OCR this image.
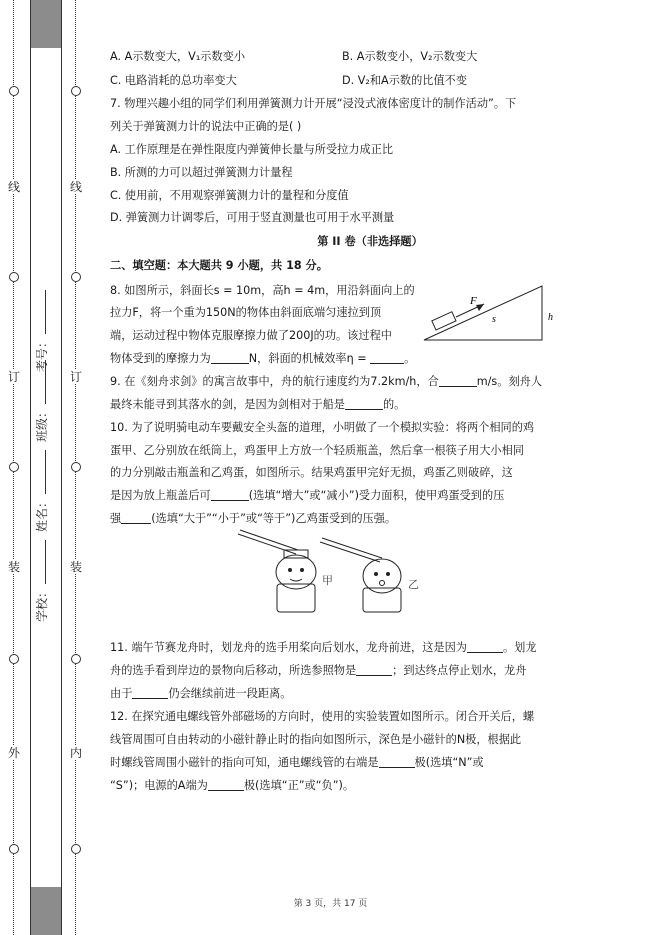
线
订
装
外
线
订
装
内
学校：
姓名：
班级：
考号：
A. A示数变大，V₁示数变小	B. A示数变小，V₂示数变大
C. 电路消耗的总功率变大	D. V₂和A示数的比值不变
7. 物理兴趣小组的同学们利用弹簧测力计开展“浸没式液体密度计的制作活动”。下
列关于弹簧测力计的说法中正确的是( )
A. 工作原理是在弹性限度内弹簧伸长量与所受拉力成正比
B. 所测的力可以超过弹簧测力计量程
C. 使用前，不用观察弹簧测力计的量程和分度值
D. 弹簧测力计调零后，可用于竖直测量也可用于水平测量
第 II 卷（非选择题）
二、填空题：本大题共 9 小题，共 18 分。
8. 如图所示，斜面长s = 10m，高h = 4m，用沿斜面向上的
拉力F，将一个重为150N的物体由斜面底端匀速拉到顶
端，运动过程中物体克服摩擦力做了200J的功。该过程中
物体受到的摩擦力为	N，斜面的机械效率η =	。
9. 在《刻舟求剑》的寓言故事中，舟的航行速度约为7.2km/h，合	m/s。刻舟人
最终未能寻到其落水的剑，是因为剑相对于船是	的。
10. 为了说明骑电动车要戴安全头盔的道理，小明做了一个模拟实验：将两个相同的鸡
蛋甲、乙分别放在纸筒上，鸡蛋甲上方放一个轻质瓶盖，然后拿一根筷子用大小相同
的力分别敲击瓶盖和乙鸡蛋，如图所示。结果鸡蛋甲完好无损，鸡蛋乙则破碎，这
是因为放上瓶盖后可	(选填“增大”或“减小”)受力面积，使甲鸡蛋受到的压
强	(选填“大于”“小于”或“等于”)乙鸡蛋受到的压强。
11. 端午节赛龙舟时，划龙舟的选手用桨向后划水，龙舟前进，这是因为	。划龙
舟的选手看到岸边的景物向后移动，所选参照物是	；到达终点停止划水，龙舟
由于	仍会继续前进一段距离。
12. 在探究通电螺线管外部磁场的方向时，使用的实验装置如图所示。闭合开关后，螺
线管周围可自由转动的小磁针静止时的指向如图所示，深色是小磁针的N极，根据此
时螺线管周围小磁针的指向可知，通电螺线管的右端是	极(选填“N”或
“S”)；电源的A端为	极(选填“正”或“负”)。
F
s	h
甲	乙
第 3 页，共 17 页
